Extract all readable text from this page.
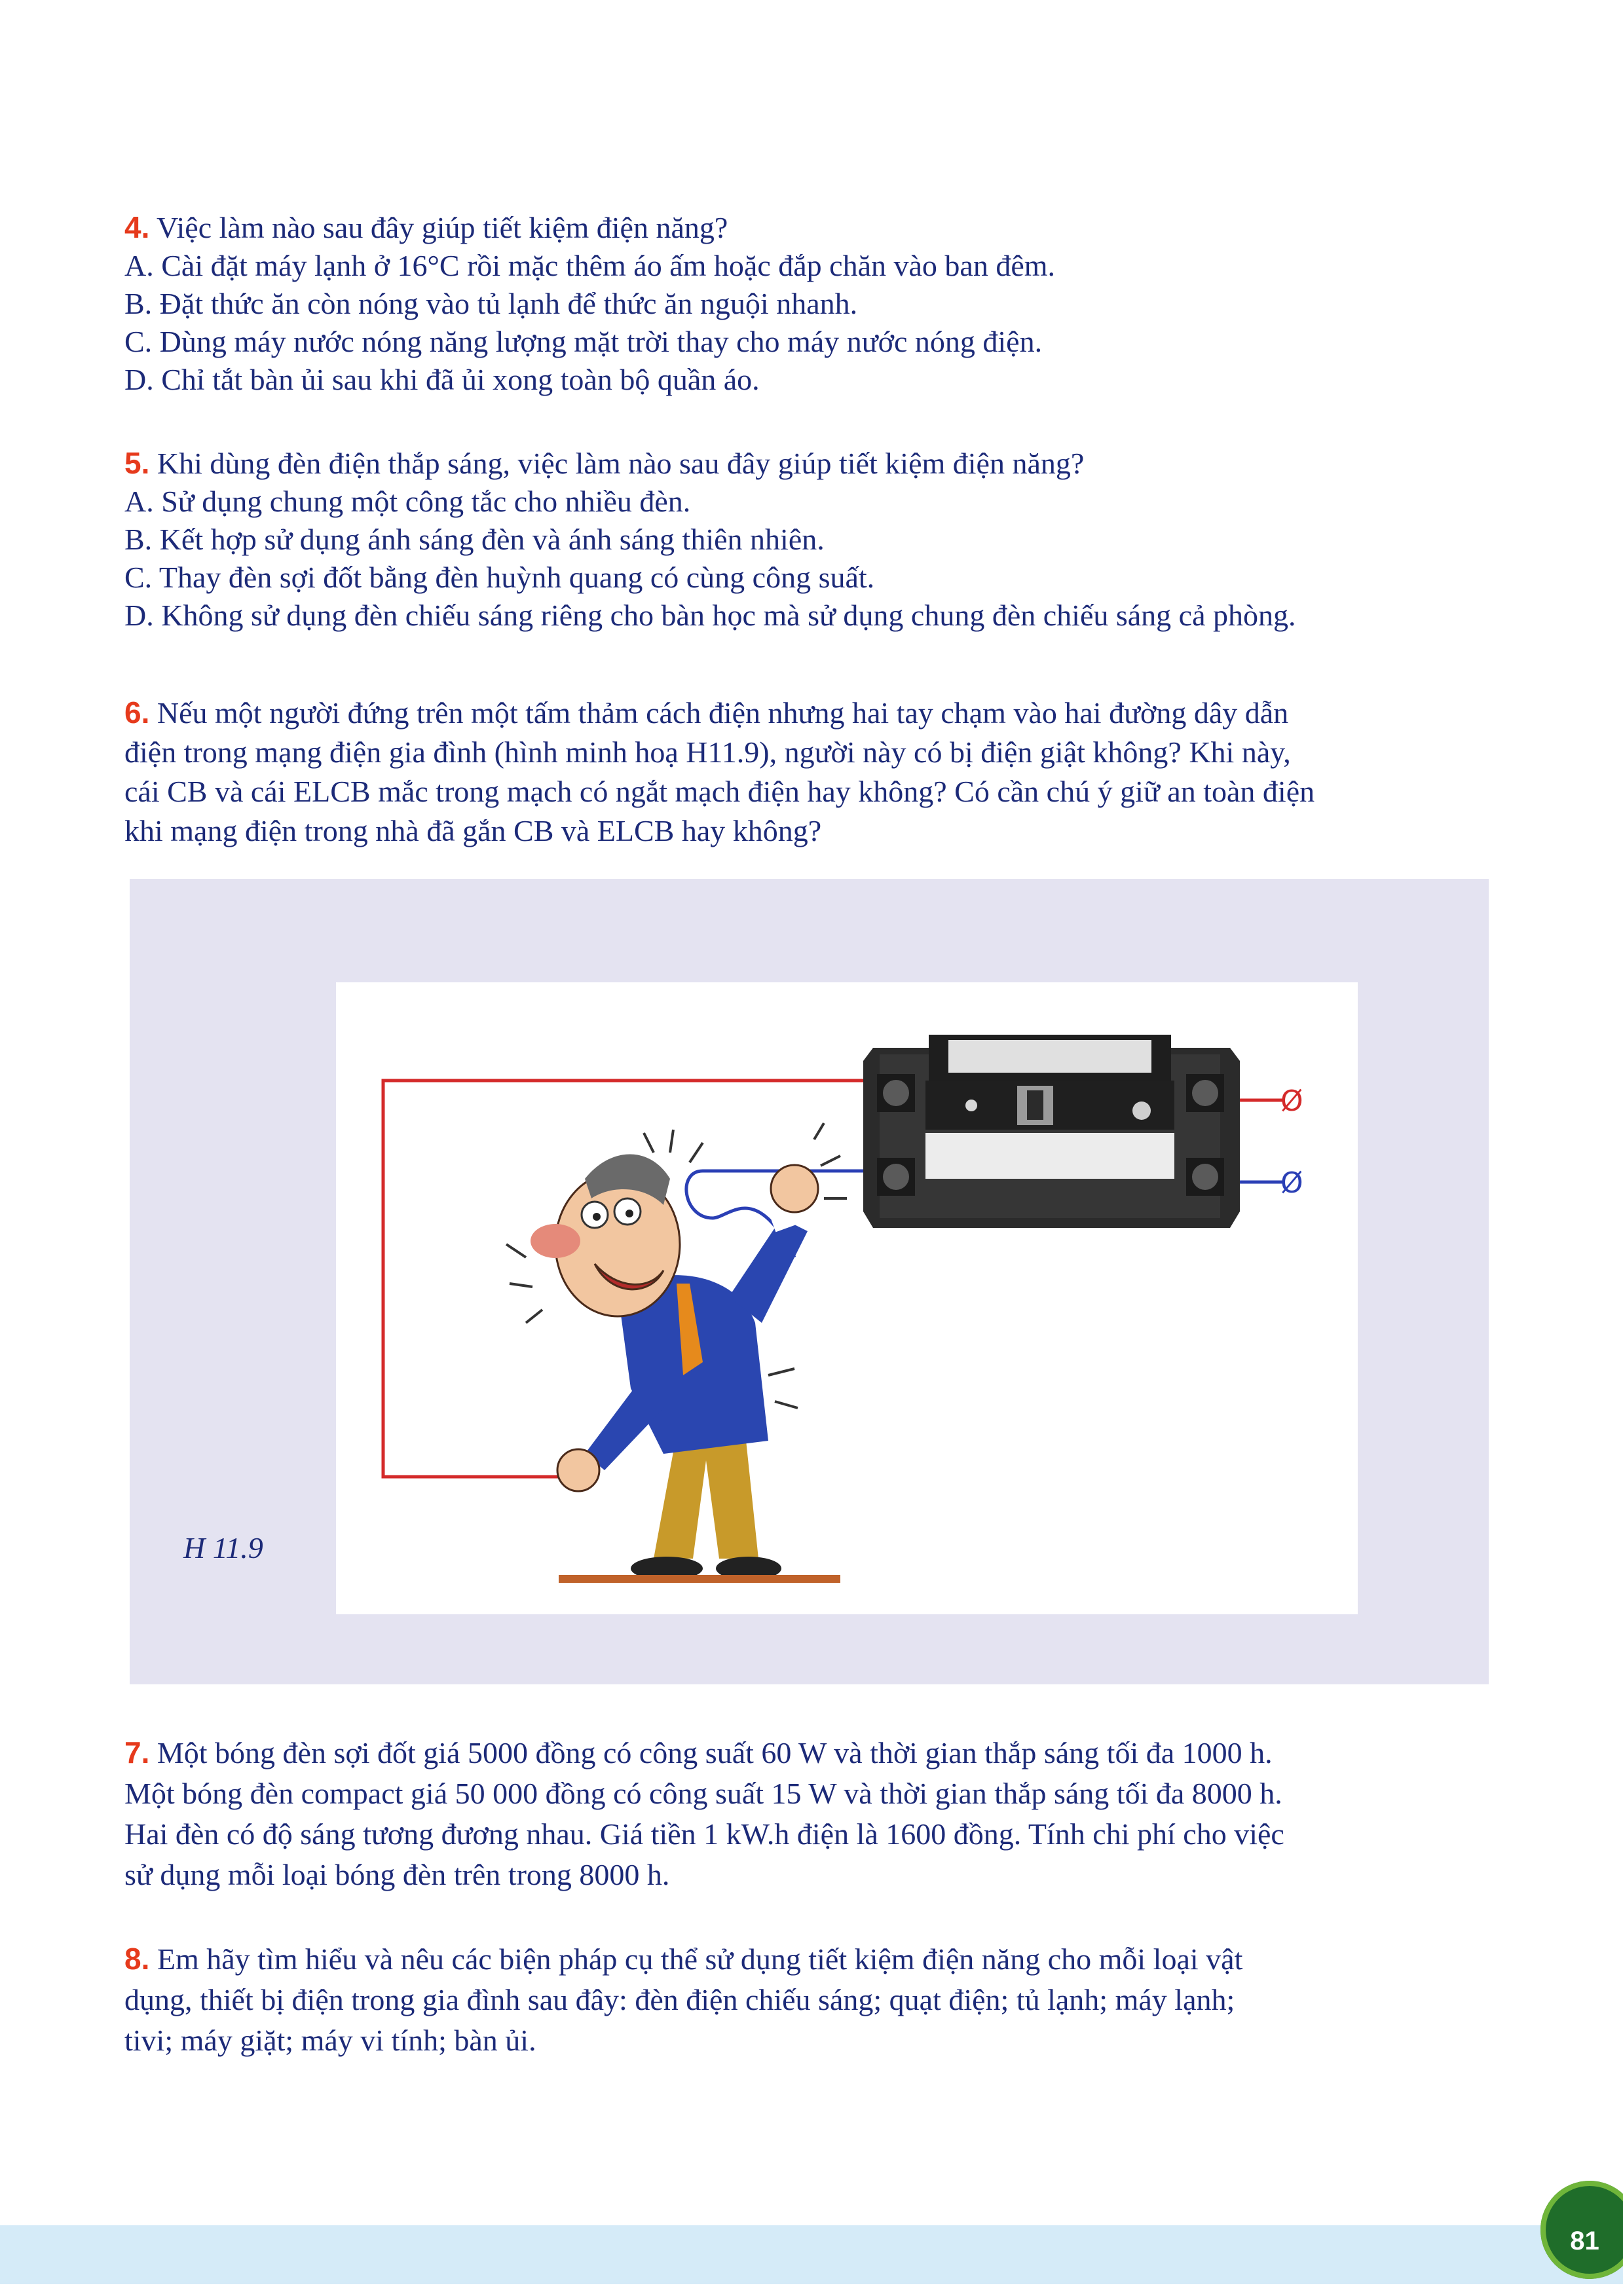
4. Việc làm nào sau đây giúp tiết kiệm điện năng?

A. Cài đặt máy lạnh ở 16°C rồi mặc thêm áo ấm hoặc đắp chăn vào ban đêm.

B. Đặt thức ăn còn nóng vào tủ lạnh để thức ăn nguội nhanh.

C. Dùng máy nước nóng năng lượng mặt trời thay cho máy nước nóng điện.

D. Chỉ tắt bàn ủi sau khi đã ủi xong toàn bộ quần áo.

5. Khi dùng đèn điện thắp sáng, việc làm nào sau đây giúp tiết kiệm điện năng?

A. Sử dụng chung một công tắc cho nhiều đèn.

B. Kết hợp sử dụng ánh sáng đèn và ánh sáng thiên nhiên.

C. Thay đèn sợi đốt bằng đèn huỳnh quang có cùng công suất.

D. Không sử dụng đèn chiếu sáng riêng cho bàn học mà sử dụng chung đèn chiếu sáng cả phòng.

6. Nếu một người đứng trên một tấm thảm cách điện nhưng hai tay chạm vào hai đường dây dẫn

điện trong mạng điện gia đình (hình minh hoạ H11.9), người này có bị điện giật không? Khi này,

cái CB và cái ELCB mắc trong mạch có ngắt mạch điện hay không? Có cần chú ý giữ an toàn điện

khi mạng điện trong nhà đã gắn CB và ELCB hay không?

Ø
Ø
H 11.9

7. Một bóng đèn sợi đốt giá 5000 đồng có công suất 60 W và thời gian thắp sáng tối đa 1000 h.

Một bóng đèn compact giá 50 000 đồng có công suất 15 W và thời gian thắp sáng tối đa 8000 h.

Hai đèn có độ sáng tương đương nhau. Giá tiền 1 kW.h điện là 1600 đồng. Tính chi phí cho việc

sử dụng mỗi loại bóng đèn trên trong 8000 h.

8. Em hãy tìm hiểu và nêu các biện pháp cụ thể sử dụng tiết kiệm điện năng cho mỗi loại vật

dụng, thiết bị điện trong gia đình sau đây: đèn điện chiếu sáng; quạt điện; tủ lạnh; máy lạnh;

tivi; máy giặt; máy vi tính; bàn ủi.

81
